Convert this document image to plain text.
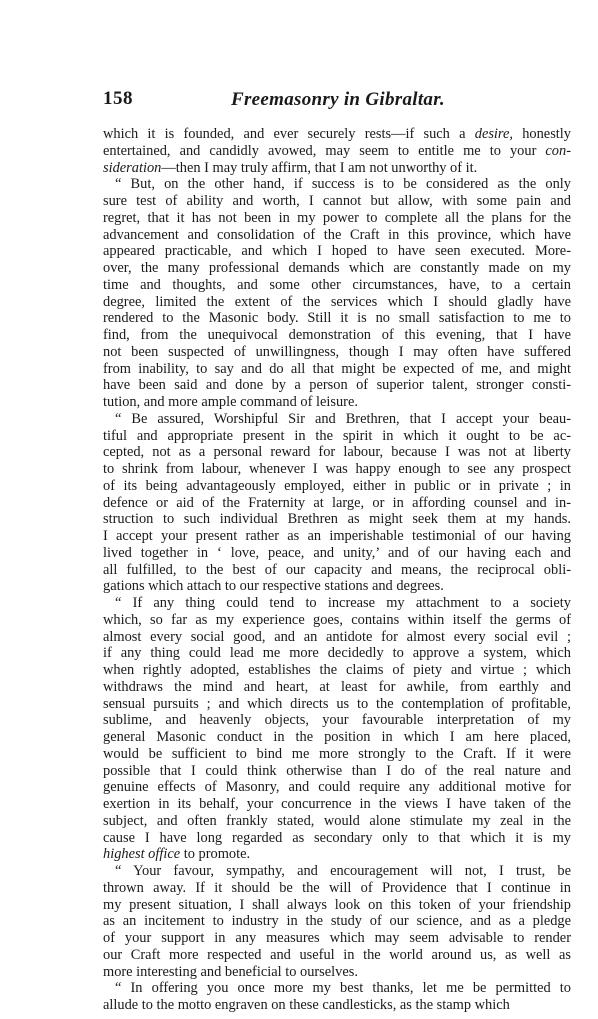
158	Freemasonry in Gibraltar.
which it is founded, and ever securely rests—if such a desire, honestly
entertained, and candidly avowed, may seem to entitle me to your con-
sideration—then I may truly affirm, that I am not unworthy of it.
“ But, on the other hand, if success is to be considered as the only
sure test of ability and worth, I cannot but allow, with some pain and
regret, that it has not been in my power to complete all the plans for the
advancement and consolidation of the Craft in this province, which have
appeared practicable, and which I hoped to have seen executed. More-
over, the many professional demands which are constantly made on my
time and thoughts, and some other circumstances, have, to a certain
degree, limited the extent of the services which I should gladly have
rendered to the Masonic body. Still it is no small satisfaction to me to
find, from the unequivocal demonstration of this evening, that I have
not been suspected of unwillingness, though I may often have suffered
from inability, to say and do all that might be expected of me, and might
have been said and done by a person of superior talent, stronger consti-
tution, and more ample command of leisure.
“ Be assured, Worshipful Sir and Brethren, that I accept your beau-
tiful and appropriate present in the spirit in which it ought to be ac-
cepted, not as a personal reward for labour, because I was not at liberty
to shrink from labour, whenever I was happy enough to see any prospect
of its being advantageously employed, either in public or in private ; in
defence or aid of the Fraternity at large, or in affording counsel and in-
struction to such individual Brethren as might seek them at my hands.
I accept your present rather as an imperishable testimonial of our having
lived together in ‘ love, peace, and unity,’ and of our having each and
all fulfilled, to the best of our capacity and means, the reciprocal obli-
gations which attach to our respective stations and degrees.
“ If any thing could tend to increase my attachment to a society
which, so far as my experience goes, contains within itself the germs of
almost every social good, and an antidote for almost every social evil ;
if any thing could lead me more decidedly to approve a system, which
when rightly adopted, establishes the claims of piety and virtue ; which
withdraws the mind and heart, at least for awhile, from earthly and
sensual pursuits ; and which directs us to the contemplation of profitable,
sublime, and heavenly objects, your favourable interpretation of my
general Masonic conduct in the position in which I am here placed,
would be sufficient to bind me more strongly to the Craft. If it were
possible that I could think otherwise than I do of the real nature and
genuine effects of Masonry, and could require any additional motive for
exertion in its behalf, your concurrence in the views I have taken of the
subject, and often frankly stated, would alone stimulate my zeal in the
cause I have long regarded as secondary only to that which it is my
highest office to promote.
“ Your favour, sympathy, and encouragement will not, I trust, be
thrown away. If it should be the will of Providence that I continue in
my present situation, I shall always look on this token of your friendship
as an incitement to industry in the study of our science, and as a pledge
of your support in any measures which may seem advisable to render
our Craft more respected and useful in the world around us, as well as
more interesting and beneficial to ourselves.
“ In offering you once more my best thanks, let me be permitted to
allude to the motto engraven on these candlesticks, as the stamp which
